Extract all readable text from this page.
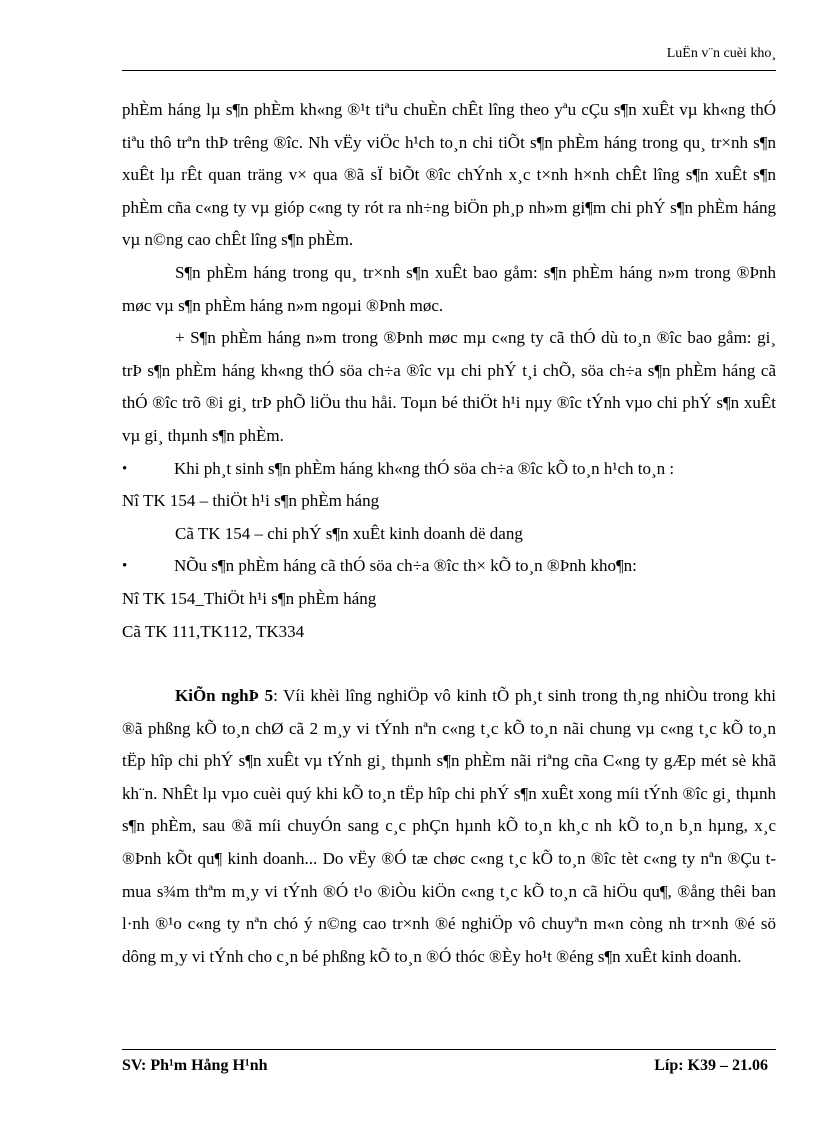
LuËn v¨n cuèi kho¸

phÈm háng lµ s¶n phÈm kh«ng ®¹t tiªu chuÈn chÊt lîng theo yªu cÇu s¶n xuÊt vµ kh«ng thÓ tiªu thô trªn thÞ trêng ®îc. Nh vËy viÖc h¹ch to¸n chi tiÕt s¶n phÈm háng trong qu¸ tr×nh s¶n xuÊt lµ rÊt quan träng v× qua ®ã sÏ biÕt ®îc chÝnh x¸c t×nh h×nh chÊt lîng s¶n xuÊt s¶n phÈm cña c«ng ty vµ gióp c«ng ty rót ra nh÷ng biÖn ph¸p nh»m gi¶m chi phÝ s¶n phÈm háng vµ n©ng cao chÊt lîng s¶n phÈm.

S¶n phÈm háng trong qu¸ tr×nh s¶n xuÊt bao gåm: s¶n phÈm háng n»m trong ®Þnh møc vµ s¶n phÈm háng n»m ngoµi ®Þnh møc.

+ S¶n phÈm háng n»m trong ®Þnh møc mµ c«ng ty cã thÓ dù to¸n ®îc bao gåm: gi¸ trÞ s¶n phÈm háng kh«ng thÓ söa ch÷a ®îc vµ chi phÝ t¸i chÕ, söa ch÷a s¶n phÈm háng cã thÓ ®îc trõ ®i gi¸ trÞ phÕ liÖu thu håi. Toµn bé thiÖt h¹i nµy ®îc tÝnh vµo chi phÝ s¶n xuÊt vµ gi¸ thµnh s¶n phÈm.

•	Khi ph¸t sinh s¶n phÈm háng kh«ng thÓ söa ch÷a ®îc kÕ to¸n h¹ch to¸n :

Nî TK 154 – thiÖt h¹i s¶n phÈm háng

Cã TK 154 – chi phÝ s¶n xuÊt kinh doanh dë dang

•	NÕu s¶n phÈm háng cã thÓ söa ch÷a ®îc th× kÕ to¸n ®Þnh kho¶n:

Nî TK 154_ThiÖt h¹i s¶n phÈm háng

Cã TK 111,TK112, TK334

KiÕn nghÞ 5: Víi khèi lîng nghiÖp vô kinh tÕ ph¸t sinh trong th¸ng nhiÒu trong khi ®ã phßng kÕ to¸n chØ cã 2 m¸y vi tÝnh nªn c«ng t¸c kÕ to¸n nãi chung vµ c«ng t¸c kÕ to¸n tËp hîp chi phÝ s¶n xuÊt vµ tÝnh gi¸ thµnh s¶n phÈm nãi riªng cña C«ng ty gÆp mét sè khã kh¨n. NhÊt lµ vµo cuèi quý khi kÕ to¸n tËp hîp chi phÝ s¶n xuÊt xong míi tÝnh ®îc gi¸ thµnh s¶n phÈm, sau ®ã míi chuyÓn sang c¸c phÇn hµnh kÕ to¸n kh¸c nh kÕ to¸n b¸n hµng, x¸c ®Þnh kÕt qu¶ kinh doanh... Do vËy ®Ó tæ chøc c«ng t¸c kÕ to¸n ®îc tèt c«ng ty nªn ®Çu t mua s¾m thªm m¸y vi tÝnh ®Ó t¹o ®iÒu kiÖn c«ng t¸c kÕ to¸n cã hiÖu qu¶, ®ång thêi ban l·nh ®¹o c«ng ty nªn chó ý n©ng cao tr×nh ®é nghiÖp vô chuyªn m«n còng nh tr×nh ®é sö dông m¸y vi tÝnh cho c¸n bé phßng kÕ to¸n ®Ó thóc ®Èy ho¹t ®éng s¶n xuÊt kinh doanh.

SV: Ph¹m Hång H¹nh	Líp: K39 – 21.06
